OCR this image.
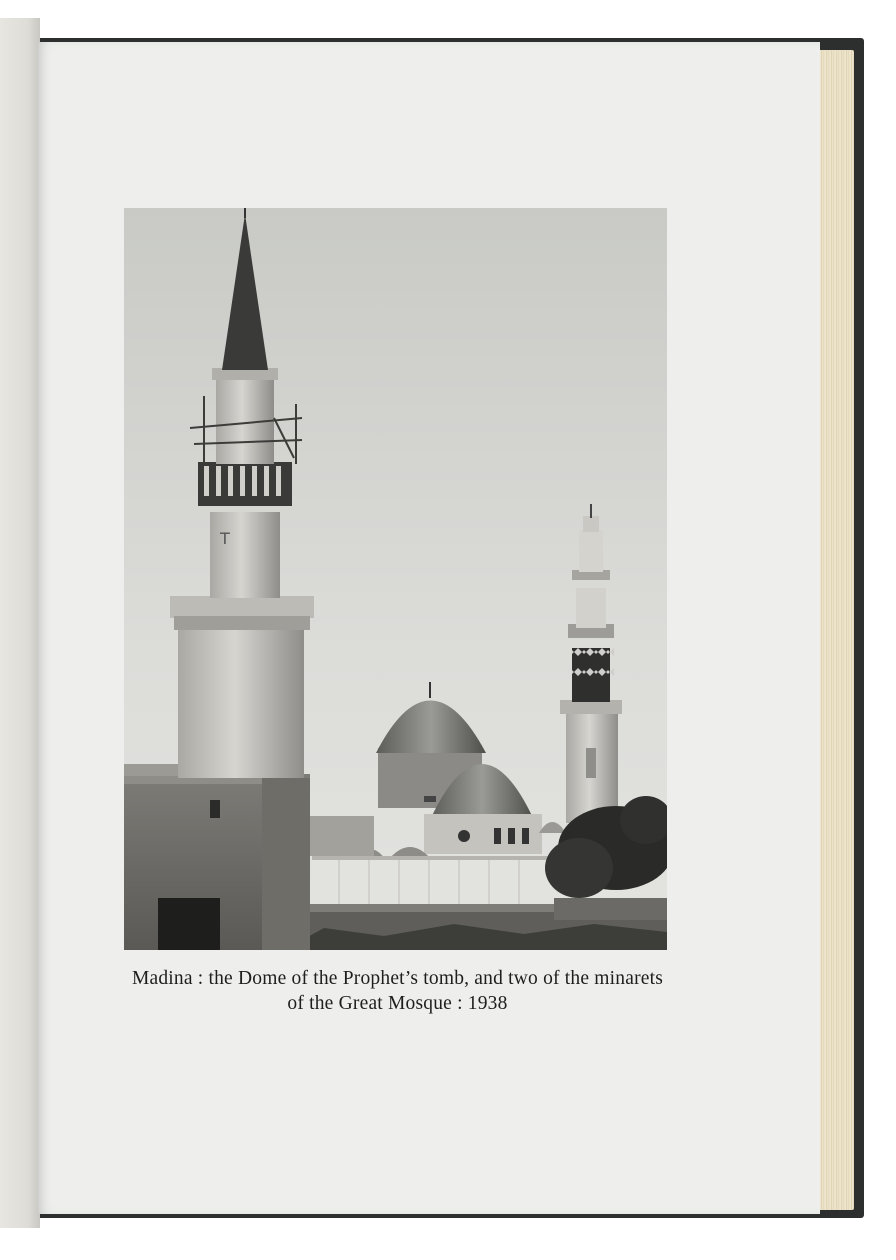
T
Madina : the Dome of the Prophet’s tomb, and two of the minarets
of the Great Mosque : 1938
